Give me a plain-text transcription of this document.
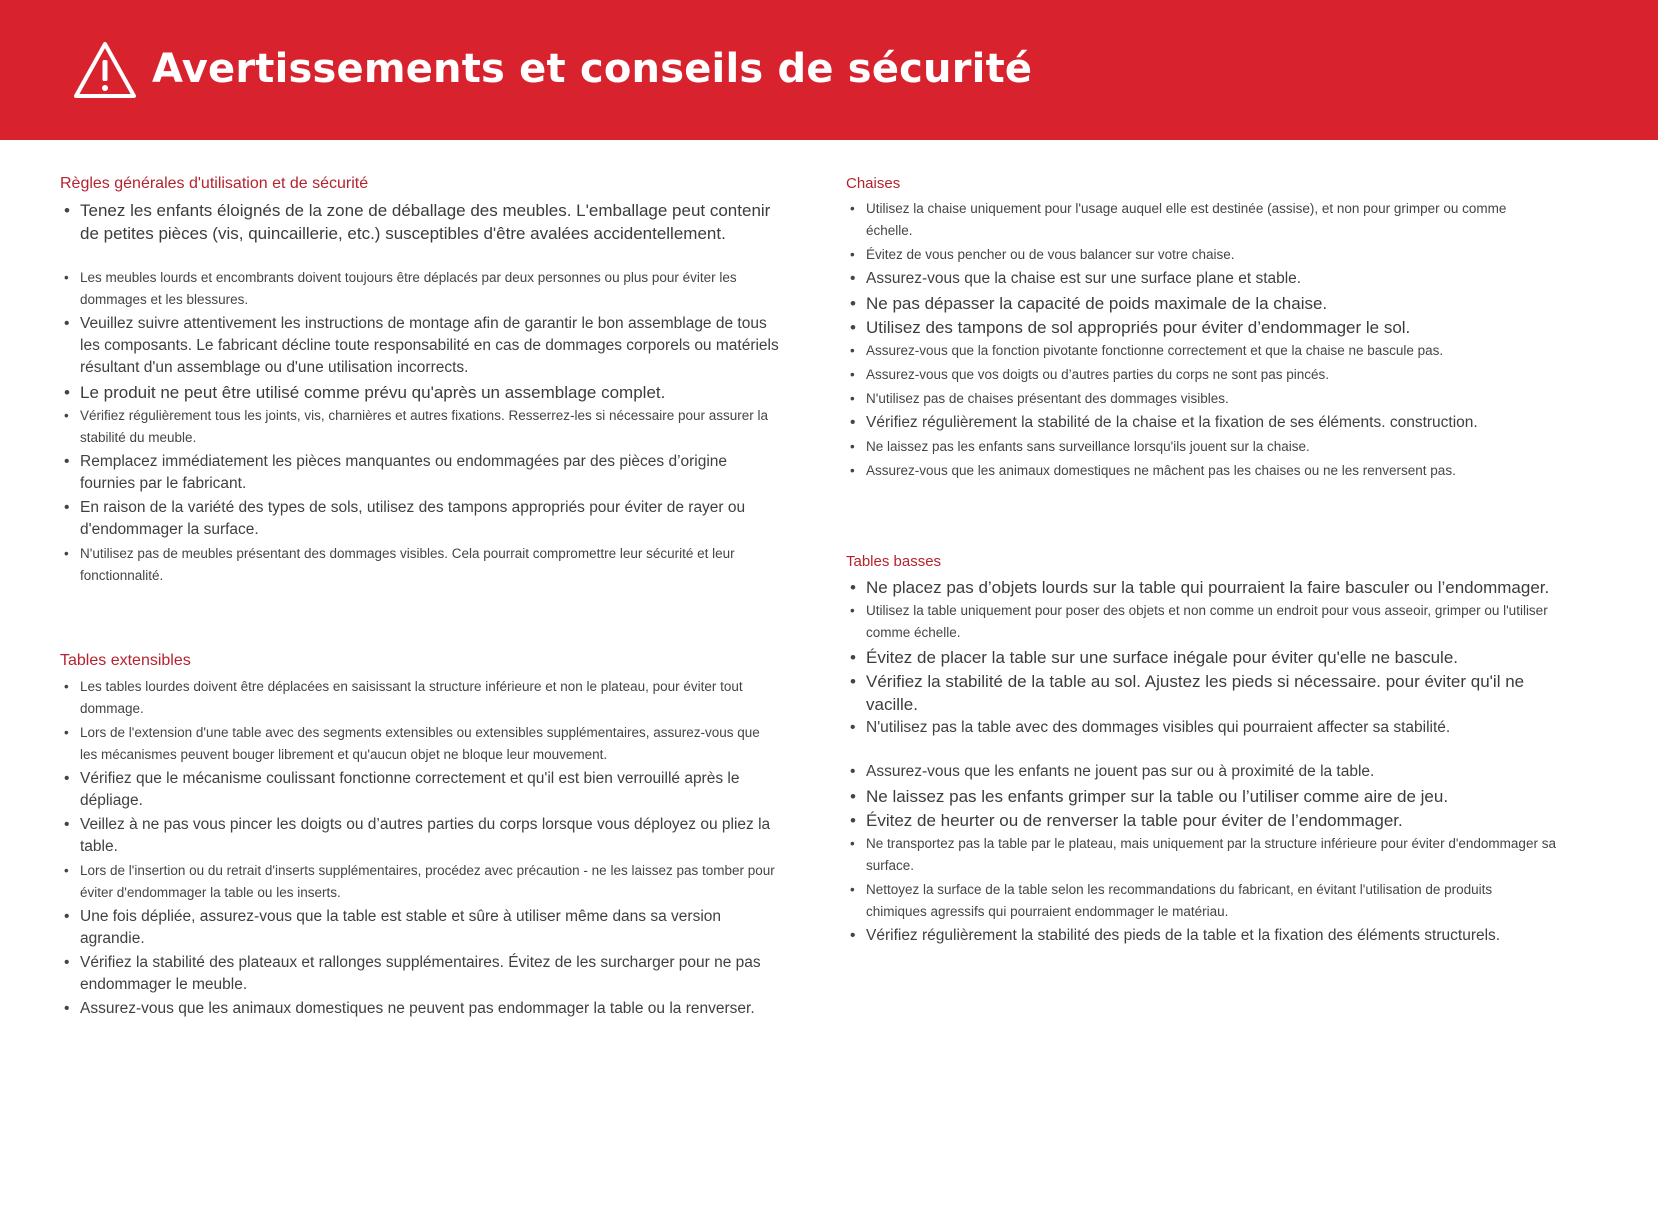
Avertissements et conseils de sécurité
Règles générales d'utilisation et de sécurité
• Tenez les enfants éloignés de la zone de déballage des meubles. L'emballage peut contenir de petites pièces (vis, quincaillerie, etc.) susceptibles d'être avalées accidentellement.
• Les meubles lourds et encombrants doivent toujours être déplacés par deux personnes ou plus pour éviter les dommages et les blessures.
• Veuillez suivre attentivement les instructions de montage afin de garantir le bon assemblage de tous les composants. Le fabricant décline toute responsabilité en cas de dommages corporels ou matériels résultant d'un assemblage ou d'une utilisation incorrects.
• Le produit ne peut être utilisé comme prévu qu'après un assemblage complet.
• Vérifiez régulièrement tous les joints, vis, charnières et autres fixations. Resserrez-les si nécessaire pour assurer la stabilité du meuble.
• Remplacez immédiatement les pièces manquantes ou endommagées par des pièces d’origine fournies par le fabricant.
• En raison de la variété des types de sols, utilisez des tampons appropriés pour éviter de rayer ou d'endommager la surface.
• N'utilisez pas de meubles présentant des dommages visibles. Cela pourrait compromettre leur sécurité et leur fonctionnalité.
Tables extensibles
• Les tables lourdes doivent être déplacées en saisissant la structure inférieure et non le plateau, pour éviter tout dommage.
• Lors de l'extension d'une table avec des segments extensibles ou extensibles supplémentaires, assurez-vous que les mécanismes peuvent bouger librement et qu'aucun objet ne bloque leur mouvement.
• Vérifiez que le mécanisme coulissant fonctionne correctement et qu'il est bien verrouillé après le dépliage.
• Veillez à ne pas vous pincer les doigts ou d’autres parties du corps lorsque vous déployez ou pliez la table.
• Lors de l'insertion ou du retrait d'inserts supplémentaires, procédez avec précaution - ne les laissez pas tomber pour éviter d'endommager la table ou les inserts.
• Une fois dépliée, assurez-vous que la table est stable et sûre à utiliser même dans sa version agrandie.
• Vérifiez la stabilité des plateaux et rallonges supplémentaires. Évitez de les surcharger pour ne pas endommager le meuble.
• Assurez-vous que les animaux domestiques ne peuvent pas endommager la table ou la renverser.
Chaises
• Utilisez la chaise uniquement pour l'usage auquel elle est destinée (assise), et non pour grimper ou comme échelle.
• Évitez de vous pencher ou de vous balancer sur votre chaise.
• Assurez-vous que la chaise est sur une surface plane et stable.
• Ne pas dépasser la capacité de poids maximale de la chaise.
• Utilisez des tampons de sol appropriés pour éviter d’endommager le sol.
• Assurez-vous que la fonction pivotante fonctionne correctement et que la chaise ne bascule pas.
• Assurez-vous que vos doigts ou d’autres parties du corps ne sont pas pincés.
• N'utilisez pas de chaises présentant des dommages visibles.
• Vérifiez régulièrement la stabilité de la chaise et la fixation de ses éléments. construction.
• Ne laissez pas les enfants sans surveillance lorsqu'ils jouent sur la chaise.
• Assurez-vous que les animaux domestiques ne mâchent pas les chaises ou ne les renversent pas.
Tables basses
• Ne placez pas d’objets lourds sur la table qui pourraient la faire basculer ou l’endommager.
• Utilisez la table uniquement pour poser des objets et non comme un endroit pour vous asseoir, grimper ou l'utiliser comme échelle.
• Évitez de placer la table sur une surface inégale pour éviter qu'elle ne bascule.
• Vérifiez la stabilité de la table au sol. Ajustez les pieds si nécessaire. pour éviter qu'il ne vacille.
• N'utilisez pas la table avec des dommages visibles qui pourraient affecter sa stabilité.
• Assurez-vous que les enfants ne jouent pas sur ou à proximité de la table.
• Ne laissez pas les enfants grimper sur la table ou l’utiliser comme aire de jeu.
• Évitez de heurter ou de renverser la table pour éviter de l’endommager.
• Ne transportez pas la table par le plateau, mais uniquement par la structure inférieure pour éviter d'endommager sa surface.
• Nettoyez la surface de la table selon les recommandations du fabricant, en évitant l'utilisation de produits chimiques agressifs qui pourraient endommager le matériau.
• Vérifiez régulièrement la stabilité des pieds de la table et la fixation des éléments structurels.
